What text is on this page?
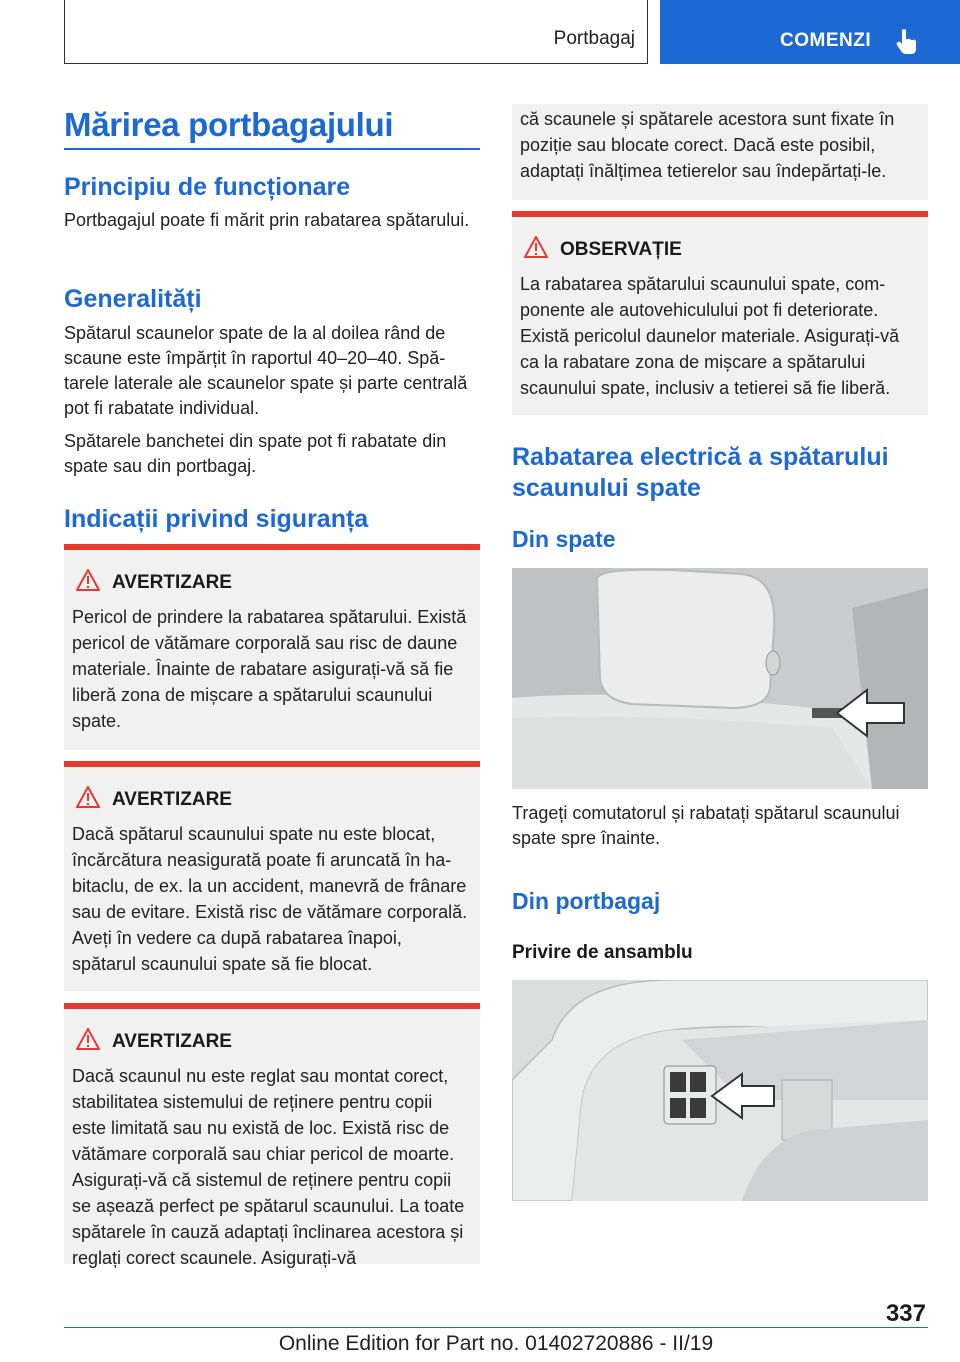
Portbagaj	COMENZI
Mărirea portbagajului
Principiu de funcționare
Portbagajul poate fi mărit prin rabatarea spătarului.
Generalități
Spătarul scaunelor spate de la al doilea rând de scaune este împărțit în raportul 40–20–40. Spătarele laterale ale scaunelor spate și parte centrală pot fi rabatate individual.
Spătarele banchetei din spate pot fi rabatate din spate sau din portbagaj.
Indicații privind siguranța
AVERTIZARE
Pericol de prindere la rabatarea spătarului. Există pericol de vătămare corporală sau risc de daune materiale. Înainte de rabatare asigurați-vă să fie liberă zona de mișcare a spătarului scaunului spate.
AVERTIZARE
Dacă spătarul scaunului spate nu este blocat, încărcătura neasigurată poate fi aruncată în habitaclu, de ex. la un accident, manevră de frânare sau de evitare. Există risc de vătămare corporală. Aveți în vedere ca după rabatarea înapoi, spătarul scaunului spate să fie blocat.
AVERTIZARE
Dacă scaunul nu este reglat sau montat corect, stabilitatea sistemului de reținere pentru copii este limitată sau nu există de loc. Există risc de vătămare corporală sau chiar pericol de moarte. Asigurați-vă că sistemul de reținere pentru copii se așează perfect pe spătarul scaunului. La toate spătarele în cauză adaptați înclinarea acestora și reglați corect scaunele. Asigurați-vă
că scaunele și spătarele acestora sunt fixate în poziție sau blocate corect. Dacă este posibil, adaptați înălțimea tetierelor sau îndepărtați-le.
OBSERVAȚIE
La rabatarea spătarului scaunului spate, componente ale autovehiculului pot fi deteriorate. Există pericolul daunelor materiale. Asigurați-vă ca la rabatare zona de mișcare a spătarului scaunului spate, inclusiv a tetierei să fie liberă.
Rabatarea electrică a spătarului scaunului spate
Din spate
Trageți comutatorul și rabatați spătarul scaunului spate spre înainte.
Din portbagaj
Privire de ansamblu
337
Online Edition for Part no. 01402720886 - II/19
